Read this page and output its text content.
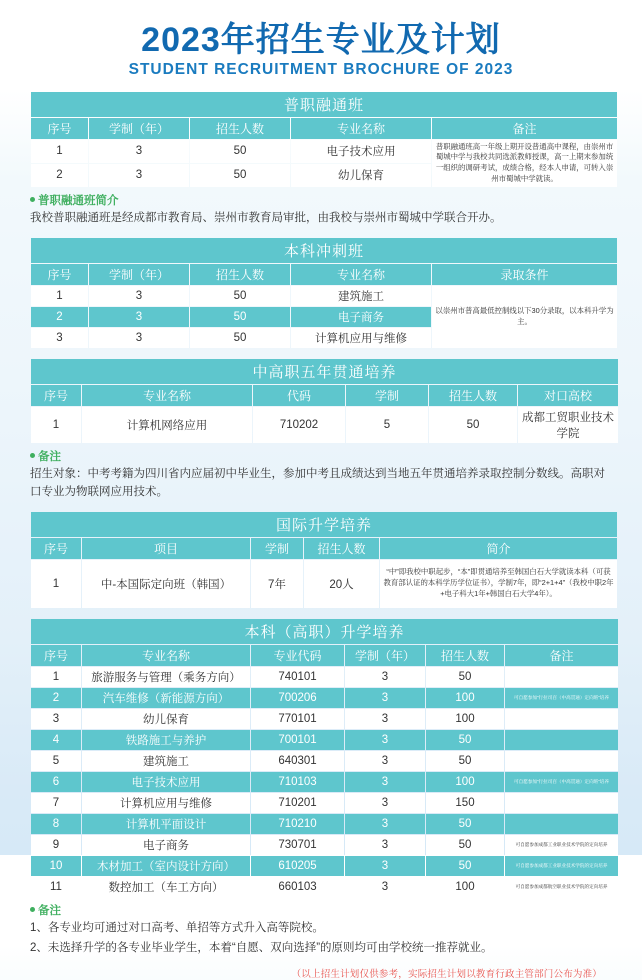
2023年招生专业及计划
STUDENT RECRUITMENT BROCHURE OF 2023
普职融通班				
序号	学制（年）	招生人数	专业名称	备注
1	3	50	电子技术应用	普职融通班高一年级上期开设普通高中课程，由崇州市蜀城中学与我校共同选派教师授课，高一上期末参加统一组织的调研考试，成绩合格，经本人申请，可转入崇州市蜀城中学就读。
2	3	50	幼儿保育	
普职融通班简介
我校普职融通班是经成都市教育局、崇州市教育局审批，由我校与崇州市蜀城中学联合开办。
本科冲刺班				
序号	学制（年）	招生人数	专业名称	录取条件
1	3	50	建筑施工	以崇州市普高最低控制线以下30分录取，以本科升学为主。
2	3	50	电子商务	
3	3	50	计算机应用与维修	
中高职五年贯通培养					
序号	专业名称	代码	学制	招生人数	对口高校
1	计算机网络应用	710202	5	50	成都工贸职业技术学院
备注
招生对象：中考考籍为四川省内应届初中毕业生，参加中考且成绩达到当地五年贯通培养录取控制分数线。高职对口专业为物联网应用技术。
国际升学培养				
序号	项目	学制	招生人数	简介
1	中-本国际定向班（韩国）	7年	20人	“中”即我校中职起步，“本”即贯通培养至韩国白石大学就读本科（可获教育部认证的本科学历学位证书），学制7年，即“2+1+4”（我校中职2年+电子科大1年+韩国白石大学4年）。
本科（高职）升学培养					
序号	专业名称	专业代码	学制（年）	招生人数	备注
1	旅游服务与管理（乘务方向）	740101	3	50	
2	汽车维修（新能源方向）	700206	3	100	可自愿参加“行拉司百（中高贯通）定向班”培养
3	幼儿保育	770101	3	100	
4	铁路施工与养护	700101	3	50	
5	建筑施工	640301	3	50	
6	电子技术应用	710103	3	100	可自愿参加“行拉司百（中高贯通）定向班”培养
7	计算机应用与维修	710201	3	150	
8	计算机平面设计	710210	3	50	
9	电子商务	730701	3	50	可自愿参加成都工业职业技术学院的定向培养
10	木材加工（室内设计方向）	610205	3	50	可自愿参加成都工业职业技术学院的定向培养
11	数控加工（车工方向）	660103	3	100	可自愿参加成都航空职业技术学院的定向培养
备注
1、各专业均可通过对口高考、单招等方式升入高等院校。
2、未选择升学的各专业毕业学生，本着“自愿、双向选择”的原则均可由学校统一推荐就业。
（以上招生计划仅供参考，实际招生计划以教育行政主管部门公布为准）
